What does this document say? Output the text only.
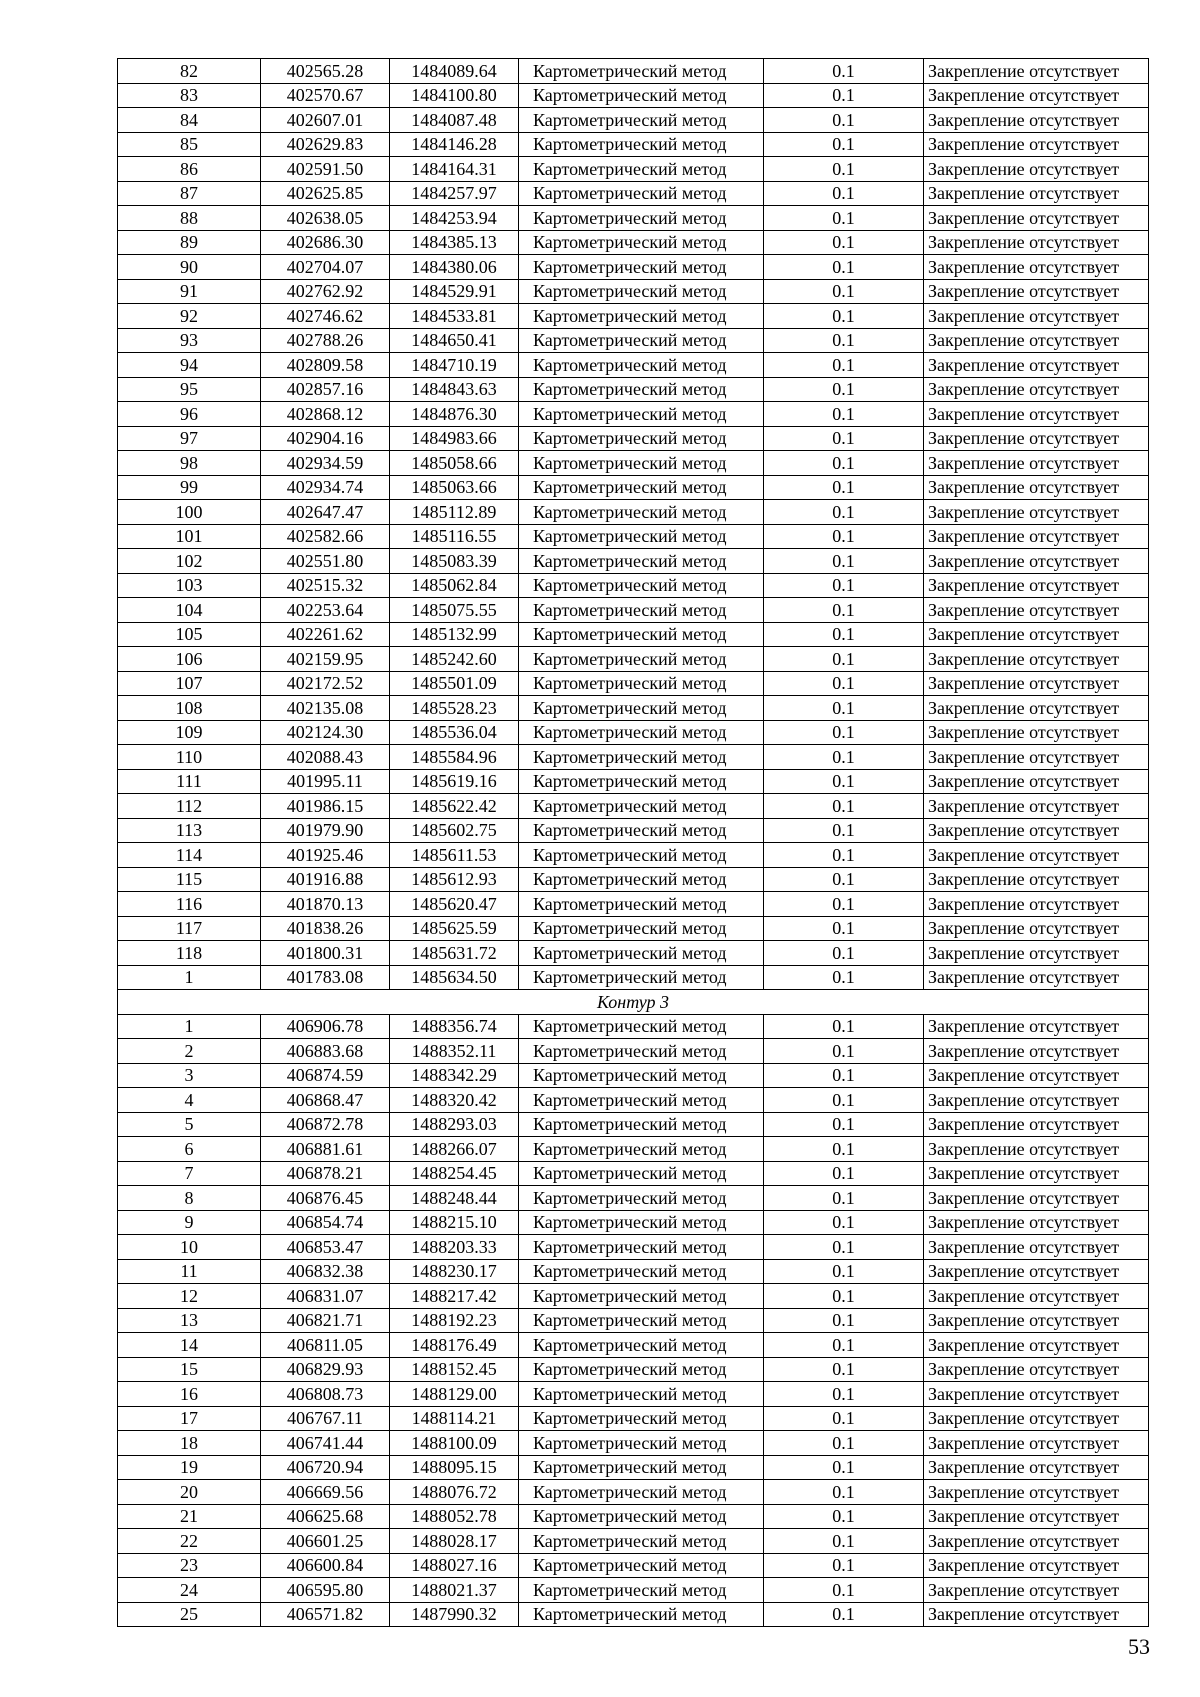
82	402565.28	1484089.64	Картометрический метод	0.1	Закрепление отсутствует
83	402570.67	1484100.80	Картометрический метод	0.1	Закрепление отсутствует
84	402607.01	1484087.48	Картометрический метод	0.1	Закрепление отсутствует
85	402629.83	1484146.28	Картометрический метод	0.1	Закрепление отсутствует
86	402591.50	1484164.31	Картометрический метод	0.1	Закрепление отсутствует
87	402625.85	1484257.97	Картометрический метод	0.1	Закрепление отсутствует
88	402638.05	1484253.94	Картометрический метод	0.1	Закрепление отсутствует
89	402686.30	1484385.13	Картометрический метод	0.1	Закрепление отсутствует
90	402704.07	1484380.06	Картометрический метод	0.1	Закрепление отсутствует
91	402762.92	1484529.91	Картометрический метод	0.1	Закрепление отсутствует
92	402746.62	1484533.81	Картометрический метод	0.1	Закрепление отсутствует
93	402788.26	1484650.41	Картометрический метод	0.1	Закрепление отсутствует
94	402809.58	1484710.19	Картометрический метод	0.1	Закрепление отсутствует
95	402857.16	1484843.63	Картометрический метод	0.1	Закрепление отсутствует
96	402868.12	1484876.30	Картометрический метод	0.1	Закрепление отсутствует
97	402904.16	1484983.66	Картометрический метод	0.1	Закрепление отсутствует
98	402934.59	1485058.66	Картометрический метод	0.1	Закрепление отсутствует
99	402934.74	1485063.66	Картометрический метод	0.1	Закрепление отсутствует
100	402647.47	1485112.89	Картометрический метод	0.1	Закрепление отсутствует
101	402582.66	1485116.55	Картометрический метод	0.1	Закрепление отсутствует
102	402551.80	1485083.39	Картометрический метод	0.1	Закрепление отсутствует
103	402515.32	1485062.84	Картометрический метод	0.1	Закрепление отсутствует
104	402253.64	1485075.55	Картометрический метод	0.1	Закрепление отсутствует
105	402261.62	1485132.99	Картометрический метод	0.1	Закрепление отсутствует
106	402159.95	1485242.60	Картометрический метод	0.1	Закрепление отсутствует
107	402172.52	1485501.09	Картометрический метод	0.1	Закрепление отсутствует
108	402135.08	1485528.23	Картометрический метод	0.1	Закрепление отсутствует
109	402124.30	1485536.04	Картометрический метод	0.1	Закрепление отсутствует
110	402088.43	1485584.96	Картометрический метод	0.1	Закрепление отсутствует
111	401995.11	1485619.16	Картометрический метод	0.1	Закрепление отсутствует
112	401986.15	1485622.42	Картометрический метод	0.1	Закрепление отсутствует
113	401979.90	1485602.75	Картометрический метод	0.1	Закрепление отсутствует
114	401925.46	1485611.53	Картометрический метод	0.1	Закрепление отсутствует
115	401916.88	1485612.93	Картометрический метод	0.1	Закрепление отсутствует
116	401870.13	1485620.47	Картометрический метод	0.1	Закрепление отсутствует
117	401838.26	1485625.59	Картометрический метод	0.1	Закрепление отсутствует
118	401800.31	1485631.72	Картометрический метод	0.1	Закрепление отсутствует
1	401783.08	1485634.50	Картометрический метод	0.1	Закрепление отсутствует
Контур 3					
1	406906.78	1488356.74	Картометрический метод	0.1	Закрепление отсутствует
2	406883.68	1488352.11	Картометрический метод	0.1	Закрепление отсутствует
3	406874.59	1488342.29	Картометрический метод	0.1	Закрепление отсутствует
4	406868.47	1488320.42	Картометрический метод	0.1	Закрепление отсутствует
5	406872.78	1488293.03	Картометрический метод	0.1	Закрепление отсутствует
6	406881.61	1488266.07	Картометрический метод	0.1	Закрепление отсутствует
7	406878.21	1488254.45	Картометрический метод	0.1	Закрепление отсутствует
8	406876.45	1488248.44	Картометрический метод	0.1	Закрепление отсутствует
9	406854.74	1488215.10	Картометрический метод	0.1	Закрепление отсутствует
10	406853.47	1488203.33	Картометрический метод	0.1	Закрепление отсутствует
11	406832.38	1488230.17	Картометрический метод	0.1	Закрепление отсутствует
12	406831.07	1488217.42	Картометрический метод	0.1	Закрепление отсутствует
13	406821.71	1488192.23	Картометрический метод	0.1	Закрепление отсутствует
14	406811.05	1488176.49	Картометрический метод	0.1	Закрепление отсутствует
15	406829.93	1488152.45	Картометрический метод	0.1	Закрепление отсутствует
16	406808.73	1488129.00	Картометрический метод	0.1	Закрепление отсутствует
17	406767.11	1488114.21	Картометрический метод	0.1	Закрепление отсутствует
18	406741.44	1488100.09	Картометрический метод	0.1	Закрепление отсутствует
19	406720.94	1488095.15	Картометрический метод	0.1	Закрепление отсутствует
20	406669.56	1488076.72	Картометрический метод	0.1	Закрепление отсутствует
21	406625.68	1488052.78	Картометрический метод	0.1	Закрепление отсутствует
22	406601.25	1488028.17	Картометрический метод	0.1	Закрепление отсутствует
23	406600.84	1488027.16	Картометрический метод	0.1	Закрепление отсутствует
24	406595.80	1488021.37	Картометрический метод	0.1	Закрепление отсутствует
25	406571.82	1487990.32	Картометрический метод	0.1	Закрепление отсутствует
53
